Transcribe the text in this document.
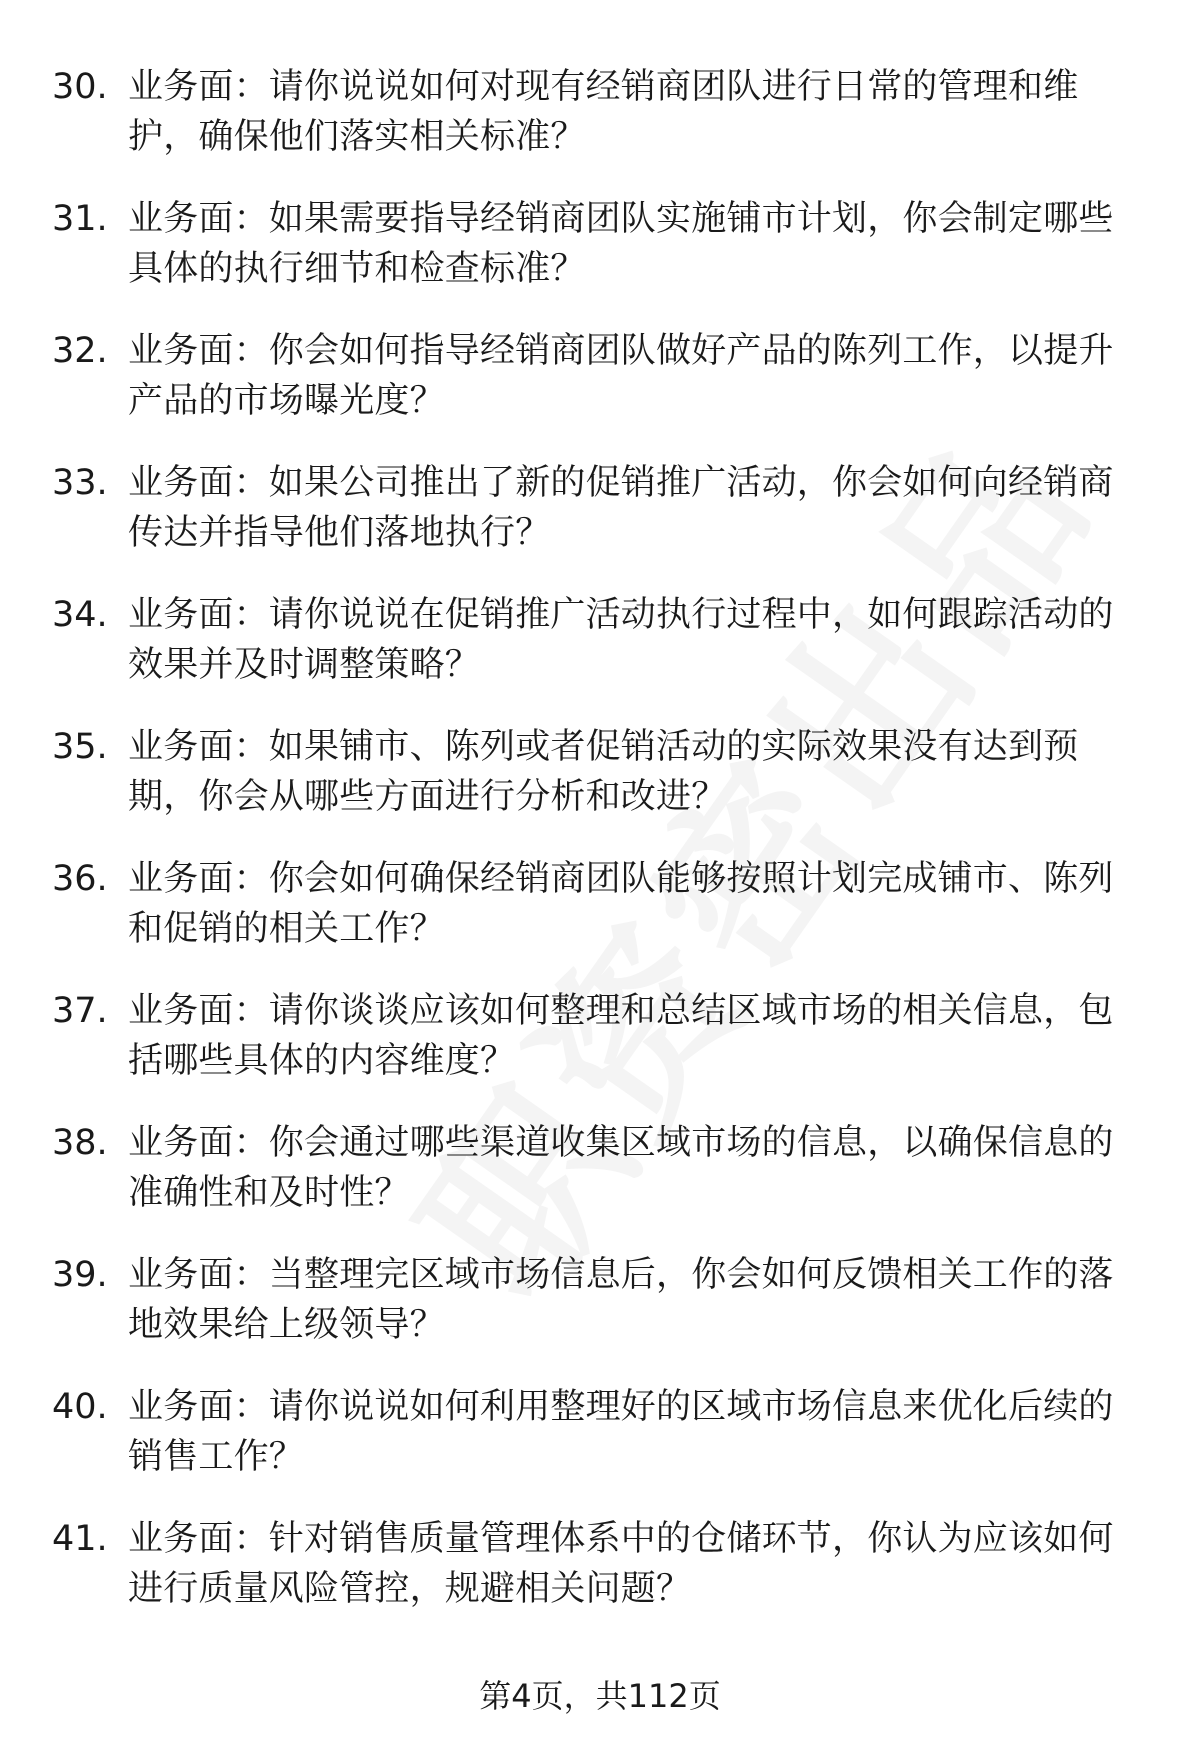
30. 业务面：请你说说如何对现有经销商团队进行日常的管理和维护，确保他们落实相关标准？
31. 业务面：如果需要指导经销商团队实施铺市计划，你会制定哪些具体的执行细节和检查标准？
32. 业务面：你会如何指导经销商团队做好产品的陈列工作，以提升产品的市场曝光度？
33. 业务面：如果公司推出了新的促销推广活动，你会如何向经销商传达并指导他们落地执行？
34. 业务面：请你说说在促销推广活动执行过程中，如何跟踪活动的效果并及时调整策略？
35. 业务面：如果铺市、陈列或者促销活动的实际效果没有达到预期，你会从哪些方面进行分析和改进？
36. 业务面：你会如何确保经销商团队能够按照计划完成铺市、陈列和促销的相关工作？
37. 业务面：请你谈谈应该如何整理和总结区域市场的相关信息，包括哪些具体的内容维度？
38. 业务面：你会通过哪些渠道收集区域市场的信息，以确保信息的准确性和及时性？
39. 业务面：当整理完区域市场信息后，你会如何反馈相关工作的落地效果给上级领导？
40. 业务面：请你说说如何利用整理好的区域市场信息来优化后续的销售工作？
41. 业务面：针对销售质量管理体系中的仓储环节，你认为应该如何进行质量风险管控，规避相关问题？
第4页，共112页
